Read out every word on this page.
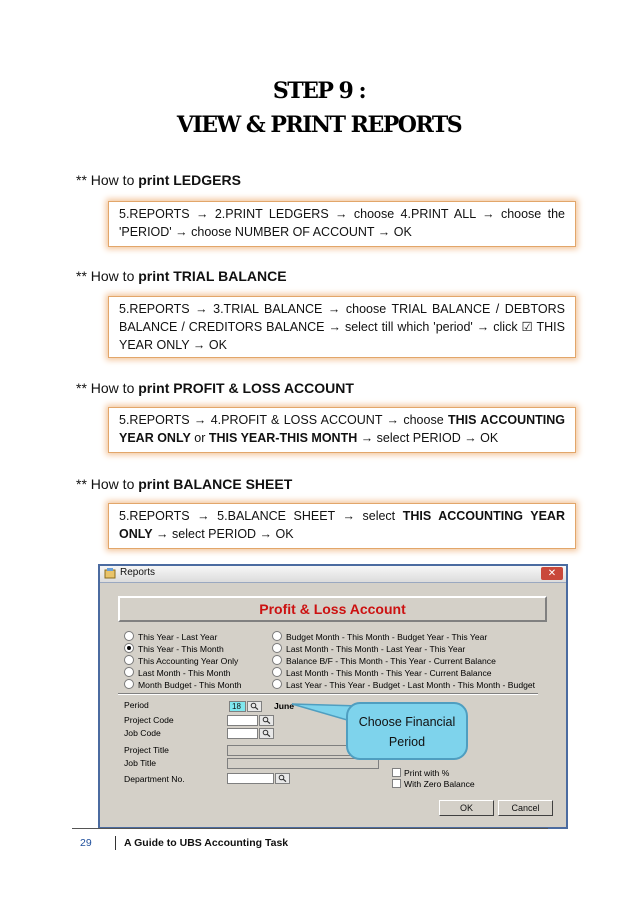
STEP 9 :
VIEW & PRINT REPORTS
** How to print LEDGERS
5.REPORTS → 2.PRINT LEDGERS → choose 4.PRINT ALL → choose the 'PERIOD' → choose NUMBER OF ACCOUNT → OK
** How to print TRIAL BALANCE
5.REPORTS → 3.TRIAL BALANCE → choose TRIAL BALANCE / DEBTORS BALANCE / CREDITORS BALANCE → select till which 'period' → click ☑ THIS YEAR ONLY → OK
** How to print PROFIT & LOSS ACCOUNT
5.REPORTS → 4.PROFIT & LOSS ACCOUNT → choose THIS ACCOUNTING YEAR ONLY or THIS YEAR-THIS MONTH → select PERIOD → OK
** How to print BALANCE SHEET
5.REPORTS → 5.BALANCE SHEET → select THIS ACCOUNTING YEAR ONLY → select PERIOD → OK
Reports	✕
Profit & Loss Account
This Year - Last Year
This Year - This Month
This Accounting Year Only
Last Month - This Month
Month Budget - This Month
Budget Month - This Month - Budget Year - This Year
Last Month - This Month - Last Year - This Year
Balance B/F - This Month - This Year - Current Balance
Last Month - This Month - This Year - Current Balance
Last Year - This Year - Budget - Last Month - This Month - Budget
Period	18	June
Project Code
Job Code
Project Title
Job Title
Department No.
Print with %
With Zero Balance
OK	Cancel
Choose Financial
Period
29	A Guide to UBS Accounting Task
